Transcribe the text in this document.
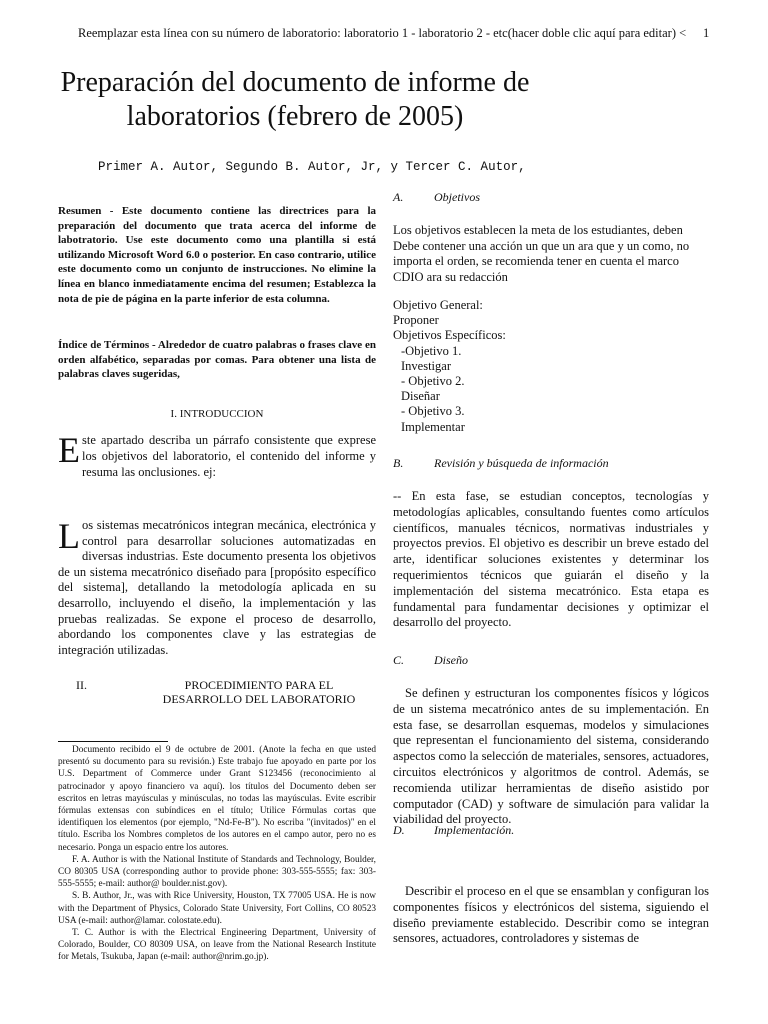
Reemplazar esta línea con su número de laboratorio: laboratorio 1 - laboratorio 2 - etc(hacer doble clic aquí para editar) < 1
Preparación del documento de informe de laboratorios (febrero de 2005)
Primer A. Autor, Segundo B. Autor, Jr, y Tercer C. Autor,
Resumen - Este documento contiene las directrices para la preparación del documento que trata acerca del informe de labotratorio. Use este documento como una plantilla si está utilizando Microsoft Word 6.0 o posterior. En caso contrario, utilice este documento como un conjunto de instrucciones. No elimine la línea en blanco inmediatamente encima del resumen; Establezca la nota de pie de página en la parte inferior de esta columna.
Índice de Términos - Alrededor de cuatro palabras o frases clave en orden alfabético, separadas por comas. Para obtener una lista de palabras claves sugeridas,
I. INTRODUCCION
E ste apartado describa un párrafo consistente que exprese los objetivos del laboratorio, el contenido del informe y resuma las onclusiones. ej:
L os sistemas mecatrónicos integran mecánica, electrónica y control para desarrollar soluciones automatizadas en diversas industrias. Este documento presenta los objetivos de un sistema mecatrónico diseñado para [propósito específico del sistema], detallando la metodología aplicada en su desarrollo, incluyendo el diseño, la implementación y las pruebas realizadas. Se expone el proceso de desarrollo, abordando los componentes clave y las estrategias de integración utilizadas.
II.	PROCEDIMIENTO PARA EL DESARROLLO DEL LABORATORIO

Documento recibido el 9 de octubre de 2001. (Anote la fecha en que usted presentó su documento para su revisión.) Este trabajo fue apoyado en parte por los U.S. Department of Commerce under Grant S123456 (reconocimiento al patrocinador y apoyo financiero va aquí). los títulos del Documento deben ser escritos en letras mayúsculas y minúsculas, no todas las mayúsculas. Evite escribir fórmulas extensas con subíndices en el título; Utilice Fórmulas cortas que identifiquen los elementos (por ejemplo, "Nd-Fe-B"). No escriba "(invitados)" en el título. Escriba los Nombres completos de los autores en el campo autor, pero no es necesario. Ponga un espacio entre los autores.

F. A. Author is with the National Institute of Standards and Technology, Boulder, CO 80305 USA (corresponding author to provide phone: 303-555-5555; fax: 303-555-5555; e-mail: author@ boulder.nist.gov).

S. B. Author, Jr., was with Rice University, Houston, TX 77005 USA. He is now with the Department of Physics, Colorado State University, Fort Collins, CO 80523 USA (e-mail: author@lamar. colostate.edu).

T. C. Author is with the Electrical Engineering Department, University of Colorado, Boulder, CO 80309 USA, on leave from the National Research Institute for Metals, Tsukuba, Japan (e-mail: author@nrim.go.jp).

A.	Objetivos
Los objetivos establecen la meta de los estudiantes, deben Debe contener una acción un que un ara que y un como, no importa el orden, se recomienda tener en cuenta el marco CDIO ara su redacción
Objetivo General:
Proponer
Objetivos Específicos:
-Objetivo 1.
Investigar
- Objetivo 2.
Diseñar
- Objetivo 3.
Implementar
B.	Revisión y búsqueda de información
-- En esta fase, se estudian conceptos, tecnologías y metodologías aplicables, consultando fuentes como artículos científicos, manuales técnicos, normativas industriales y proyectos previos. El objetivo es describir un breve estado del arte, identificar soluciones existentes y determinar los requerimientos técnicos que guiarán el diseño y la implementación del sistema mecatrónico. Esta etapa es fundamental para fundamentar decisiones y optimizar el desarrollo del proyecto.
C. Diseño
Se definen y estructuran los componentes físicos y lógicos de un sistema mecatrónico antes de su implementación. En esta fase, se desarrollan esquemas, modelos y simulaciones que representan el funcionamiento del sistema, considerando aspectos como la selección de materiales, sensores, actuadores, circuitos electrónicos y algoritmos de control. Además, se recomienda utilizar herramientas de diseño asistido por computador (CAD) y software de simulación para validar la viabilidad del proyecto.
D. Implementación.
Describir el proceso en el que se ensamblan y configuran los componentes físicos y electrónicos del sistema, siguiendo el diseño previamente establecido. Describir como se integran sensores, actuadores, controladores y sistemas de
